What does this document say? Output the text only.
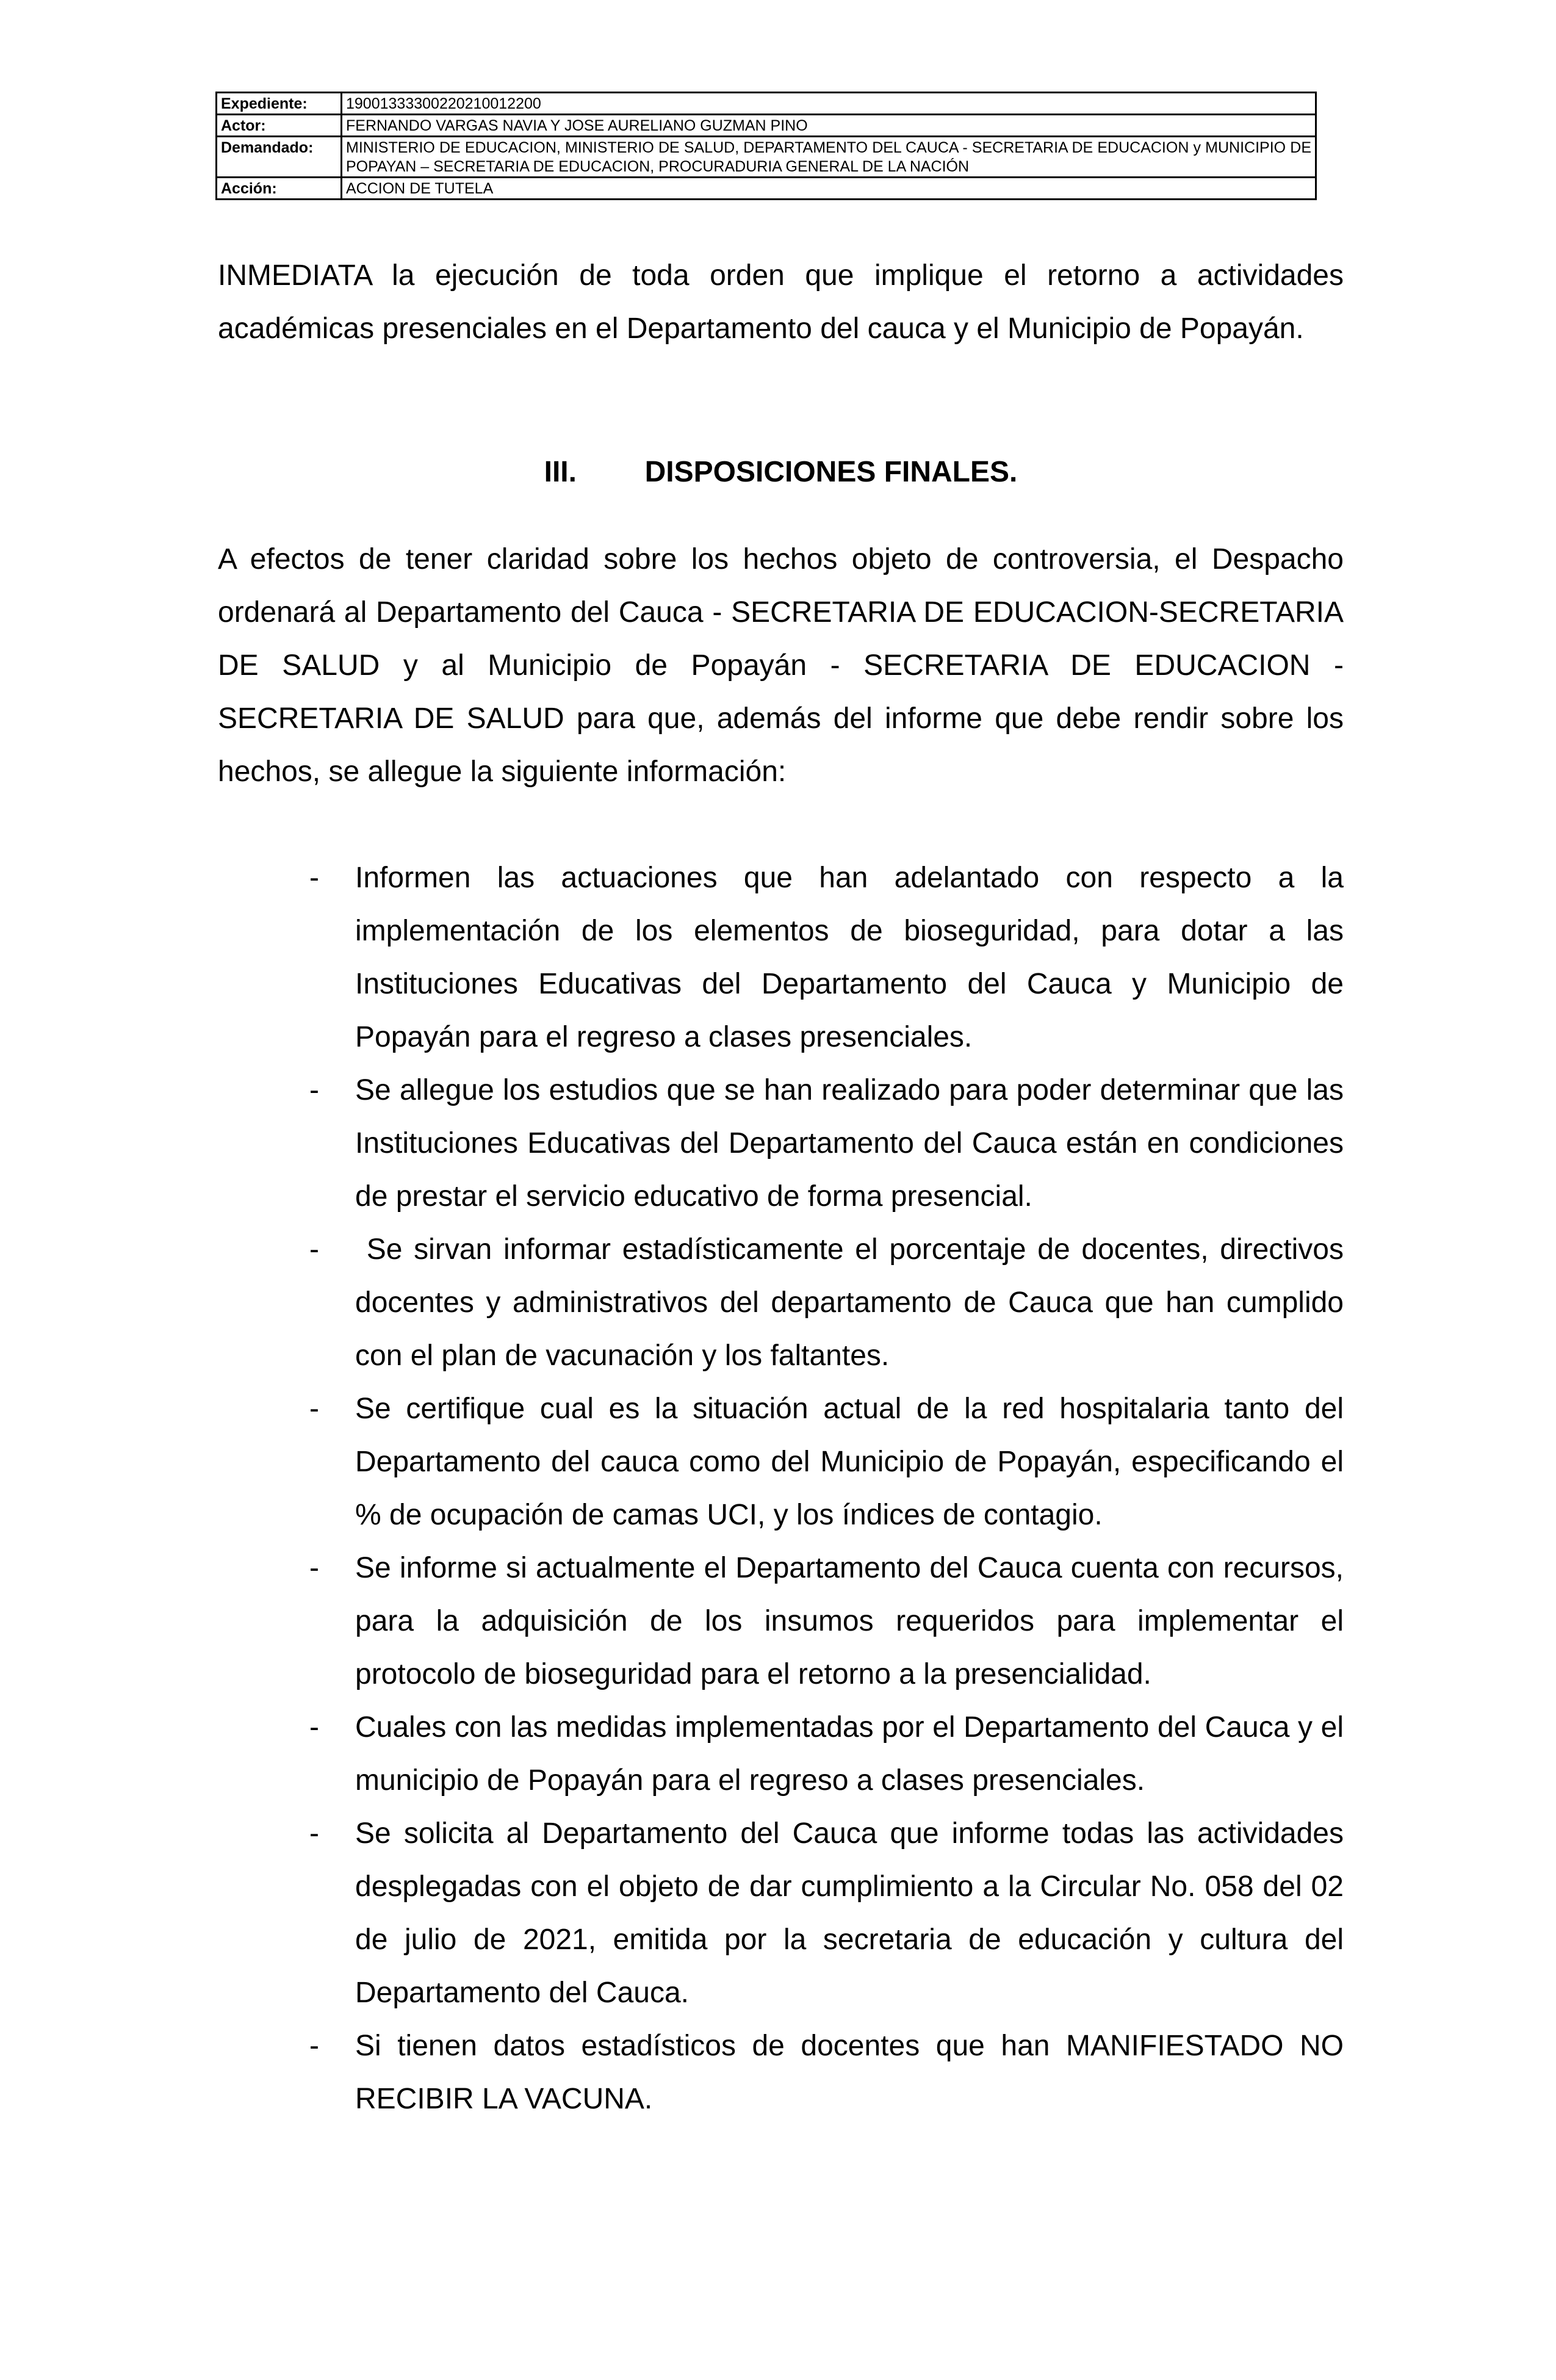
Expediente:	19001333300220210012200
Actor:	FERNANDO VARGAS NAVIA Y JOSE AURELIANO GUZMAN PINO
Demandado:	MINISTERIO DE EDUCACION, MINISTERIO DE SALUD, DEPARTAMENTO DEL CAUCA - SECRETARIA DE EDUCACION y MUNICIPIO DE POPAYAN – SECRETARIA DE EDUCACION, PROCURADURIA GENERAL DE LA NACIÓN
Acción:	ACCION DE TUTELA

INMEDIATA la ejecución de toda orden que implique el retorno a actividades académicas presenciales en el Departamento del cauca y el Municipio de Popayán.

III. DISPOSICIONES FINALES.

A efectos de tener claridad sobre los hechos objeto de controversia, el Despacho ordenará al Departamento del Cauca - SECRETARIA DE EDUCACION-SECRETARIA DE SALUD y al Municipio de Popayán - SECRETARIA DE EDUCACION - SECRETARIA DE SALUD para que, además del informe que debe rendir sobre los hechos, se allegue la siguiente información:

- Informen las actuaciones que han adelantado con respecto a la implementación de los elementos de bioseguridad, para dotar a las Instituciones Educativas del Departamento del Cauca y Municipio de Popayán para el regreso a clases presenciales.
- Se allegue los estudios que se han realizado para poder determinar que las Instituciones Educativas del Departamento del Cauca están en condiciones de prestar el servicio educativo de forma presencial.
- Se sirvan informar estadísticamente el porcentaje de docentes, directivos docentes y administrativos del departamento de Cauca que han cumplido con el plan de vacunación y los faltantes.
- Se certifique cual es la situación actual de la red hospitalaria tanto del Departamento del cauca como del Municipio de Popayán, especificando el % de ocupación de camas UCI, y los índices de contagio.
- Se informe si actualmente el Departamento del Cauca cuenta con recursos, para la adquisición de los insumos requeridos para implementar el protocolo de bioseguridad para el retorno a la presencialidad.
- Cuales con las medidas implementadas por el Departamento del Cauca y el municipio de Popayán para el regreso a clases presenciales.
- Se solicita al Departamento del Cauca que informe todas las actividades desplegadas con el objeto de dar cumplimiento a la Circular No. 058 del 02 de julio de 2021, emitida por la secretaria de educación y cultura del Departamento del Cauca.
- Si tienen datos estadísticos de docentes que han MANIFIESTADO NO RECIBIR LA VACUNA.
